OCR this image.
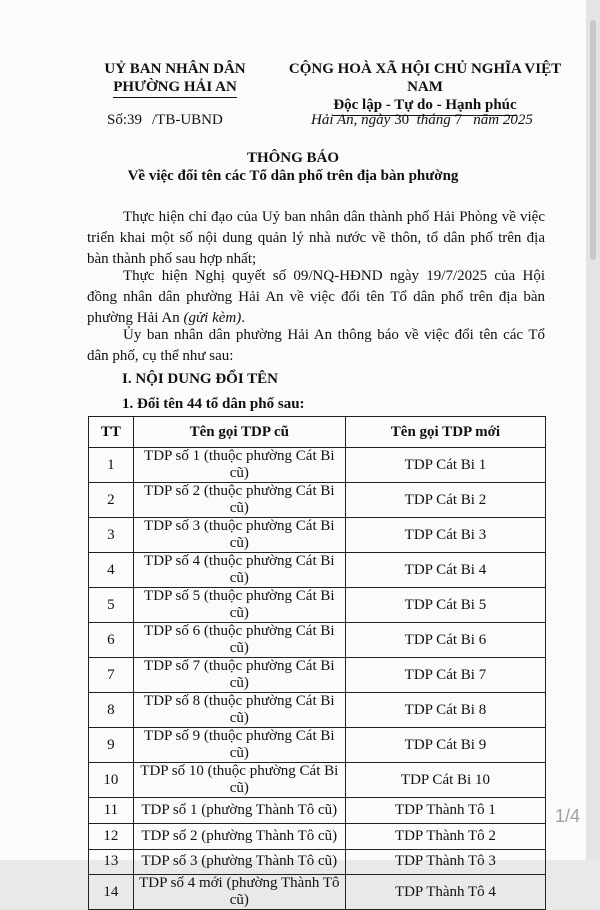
UỶ BAN NHÂN DÂN
PHƯỜNG HẢI AN
CỘNG HOÀ XÃ HỘI CHỦ NGHĨA VIỆT NAM
Độc lập - Tự do - Hạnh phúc
Số:39 /TB-UBND	Hải An, ngày 30 tháng 7 năm 2025
THÔNG BÁO
Về việc đổi tên các Tổ dân phố trên địa bàn phường
Thực hiện chỉ đạo của Uỷ ban nhân dân thành phố Hải Phòng về việc triển khai một số nội dung quản lý nhà nước về thôn, tổ dân phố trên địa bàn thành phố sau hợp nhất;
Thực hiện Nghị quyết số 09/NQ-HĐND ngày 19/7/2025 của Hội đồng nhân dân phường Hải An về việc đổi tên Tổ dân phố trên địa bàn phường Hải An (gửi kèm).
Ủy ban nhân dân phường Hải An thông báo về việc đổi tên các Tổ dân phố, cụ thể như sau:
I. NỘI DUNG ĐỔI TÊN
1. Đổi tên 44 tổ dân phố sau:
TT	Tên gọi TDP cũ	Tên gọi TDP mới
1	TDP số 1 (thuộc phường Cát Bi cũ)	TDP Cát Bi 1
2	TDP số 2 (thuộc phường Cát Bi cũ)	TDP Cát Bi 2
3	TDP số 3 (thuộc phường Cát Bi cũ)	TDP Cát Bi 3
4	TDP số 4 (thuộc phường Cát Bi cũ)	TDP Cát Bi 4
5	TDP số 5 (thuộc phường Cát Bi cũ)	TDP Cát Bi 5
6	TDP số 6 (thuộc phường Cát Bi cũ)	TDP Cát Bi 6
7	TDP số 7 (thuộc phường Cát Bi cũ)	TDP Cát Bi 7
8	TDP số 8 (thuộc phường Cát Bi cũ)	TDP Cát Bi 8
9	TDP số 9 (thuộc phường Cát Bi cũ)	TDP Cát Bi 9
10	TDP số 10 (thuộc phường Cát Bi cũ)	TDP Cát Bi 10
11	TDP số 1 (phường Thành Tô cũ)	TDP Thành Tô 1
12	TDP số 2 (phường Thành Tô cũ)	TDP Thành Tô 2
13	TDP số 3 (phường Thành Tô cũ)	TDP Thành Tô 3
14	TDP số 4 mới (phường Thành Tô cũ)	TDP Thành Tô 4
1/4
